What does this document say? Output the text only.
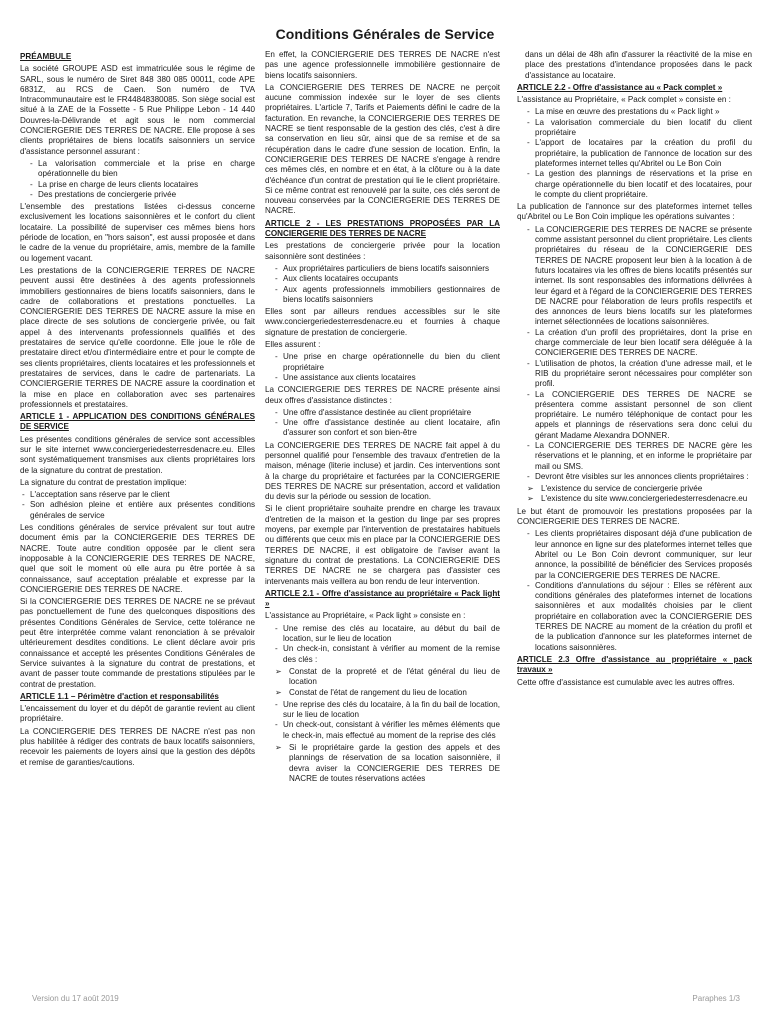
Conditions Générales de Service

PRÉAMBULE

La société GROUPE ASD est immatriculée sous le régime de SARL, sous le numéro de Siret 848 380 085 00011, code APE 6831Z, au RCS de Caen. Son numéro de TVA Intracommunautaire est le FR44848380085. Son siège social est situé à la ZAE de la Fossette - 5 Rue Philippe Lebon - 14 440 Douvres-la-Délivrande et agit sous le nom commercial CONCIERGERIE DES TERRES DE NACRE. Elle propose à ses clients propriétaires de biens locatifs saisonniers un service d'assistance personnel assurant :

- La valorisation commerciale et la prise en charge opérationnelle du bien
- La prise en charge de leurs clients locataires
- Des prestations de conciergerie privée

L'ensemble des prestations listées ci-dessus concerne exclusivement les locations saisonnières et le confort du client locataire. La possibilité de superviser ces mêmes biens hors période de location, en "hors saison", est aussi proposée et dans le cadre de la venue du propriétaire, amis, membre de la famille ou logement vacant.

Les prestations de la CONCIERGERIE TERRES DE NACRE peuvent aussi être destinées à des agents professionnels immobiliers gestionnaires de biens locatifs saisonniers, dans le cadre de collaborations et prestations ponctuelles. La CONCIERGERIE DES TERRES DE NACRE assure la mise en place directe de ses solutions de conciergerie privée, ou fait appel à des intervenants professionnels qualifiés et des prestataires de service qu'elle coordonne. Elle joue le rôle de prestataire direct et/ou d'intermédiaire entre et pour le compte de ses clients propriétaires, clients locataires et les professionnels et prestataires de services, dans le cadre de partenariats. La CONCIERGERIE TERRES DE NACRE assure la coordination et la mise en place en collaboration avec ses partenaires professionnels et prestataires.

ARTICLE 1 - APPLICATION DES CONDITIONS GÉNÉRALES DE SERVICE

Les présentes conditions générales de service sont accessibles sur le site internet www.conciergeriedesterresdenacre.eu. Elles sont systématiquement transmises aux clients propriétaires lors de la signature du contrat de prestation.

La signature du contrat de prestation implique:

- L'acceptation sans réserve par le client
- Son adhésion pleine et entière aux présentes conditions générales de service

Les conditions générales de service prévalent sur tout autre document émis par la CONCIERGERIE DES TERRES DE NACRE. Toute autre condition opposée par le client sera inopposable à la CONCIERGERIE DES TERRES DE NACRE, quel que soit le moment où elle aura pu être portée à sa connaissance, sauf acceptation préalable et expresse par la CONCIERGERIE DES TERRES DE NACRE.

Si la CONCIERGERIE DES TERRES DE NACRE ne se prévaut pas ponctuellement de l'une des quelconques dispositions des présentes Conditions Générales de Service, cette tolérance ne peut être interprétée comme valant renonciation à se prévaloir ultérieurement desdites conditions. Le client déclare avoir pris connaissance et accepté les présentes Conditions Générales de Service suivantes à la signature du contrat de prestations, et avant de passer toute commande de prestations stipulées par le contrat de prestation.

ARTICLE 1.1 – Périmètre d'action et responsabilités

L'encaissement du loyer et du dépôt de garantie revient au client propriétaire.

La CONCIERGERIE DES TERRES DE NACRE n'est pas non plus habilitée à rédiger des contrats de baux locatifs saisonniers, recevoir les paiements de loyers ainsi que la gestion des dépôts et remise de garanties/cautions.

En effet, la CONCIERGERIE DES TERRES DE NACRE n'est pas une agence professionnelle immobilière gestionnaire de biens locatifs saisonniers.

La CONCIERGERIE DES TERRES DE NACRE ne perçoit aucune commission indexée sur le loyer de ses clients propriétaires. L'article 7, Tarifs et Paiements défini le cadre de la facturation. En revanche, la CONCIERGERIE DES TERRES DE NACRE se tient responsable de la gestion des clés, c'est à dire sa conservation en lieu sûr, ainsi que de sa remise et de sa récupération dans le cadre d'une session de location. Enfin, la CONCIERGERIE DES TERRES DE NACRE s'engage à rendre ces mêmes clés, en nombre et en état, à la clôture ou à la date d'échéance d'un contrat de prestation qui lie le client propriétaire. Si ce même contrat est renouvelé par la suite, ces clés seront de nouveau conservées par la CONCIERGERIE DES TERRES DE NACRE.

ARTICLE 2 - LES PRESTATIONS PROPOSÉES PAR LA CONCIERGERIE DES TERRES DE NACRE

Les prestations de conciergerie privée pour la location saisonnière sont destinées :

- Aux propriétaires particuliers de biens locatifs saisonniers
- Aux clients locataires occupants
- Aux agents professionnels immobiliers gestionnaires de biens locatifs saisonniers

Elles sont par ailleurs rendues accessibles sur le site www.conciergeriedesterresdenacre.eu et fournies à chaque signature de prestation de conciergerie.

Elles assurent :

- Une prise en charge opérationnelle du bien du client propriétaire
- Une assistance aux clients locataires

La CONCIERGERIE DES TERRES DE NACRE présente ainsi deux offres d'assistance distinctes :

- Une offre d'assistance destinée au client propriétaire
- Une offre d'assistance destinée au client locataire, afin d'assurer son confort et son bien-être

La CONCIERGERIE DES TERRES DE NACRE fait appel à du personnel qualifié pour l'ensemble des travaux d'entretien de la maison, ménage (literie incluse) et jardin. Ces interventions sont à la charge du propriétaire et facturées par la CONCIERGERIE DES TERRES DE NACRE sur présentation, accord et validation du devis sur la période ou session de location.

Si le client propriétaire souhaite prendre en charge les travaux d'entretien de la maison et la gestion du linge par ses propres moyens, par exemple par l'intervention de prestataires habituels ou différents que ceux mis en place par la CONCIERGERIE DES TERRES DE NACRE, il est obligatoire de l'aviser avant la signature du contrat de prestations. La CONCIERGERIE DES TERRES DE NACRE ne se chargera pas d'assister ces intervenants mais veillera au bon rendu de leur intervention.

ARTICLE 2.1 - Offre d'assistance au propriétaire « Pack light »

L'assistance au Propriétaire, « Pack light » consiste en :

- Une remise des clés au locataire, au début du bail de location, sur le lieu de location
- Un check-in, consistant à vérifier au moment de la remise des clés :
➢ Constat de la propreté et de l'état général du lieu de location
➢ Constat de l'état de rangement du lieu de location
- Une reprise des clés du locataire, à la fin du bail de location, sur le lieu de location
- Un check-out, consistant à vérifier les mêmes éléments que le check-in, mais effectué au moment de la reprise des clés
➢ Si le propriétaire garde la gestion des appels et des plannings de réservation de sa location saisonnière, il devra aviser la CONCIERGERIE DES TERRES DE NACRE de toutes réservations actées

dans un délai de 48h afin d'assurer la réactivité de la mise en place des prestations d'intendance proposées dans le pack d'assistance au locataire.

ARTICLE 2.2 - Offre d'assistance au « Pack complet »

L'assistance au Propriétaire, « Pack complet » consiste en :

- La mise en œuvre des prestations du « Pack light »
- La valorisation commerciale du bien locatif du client propriétaire
- L'apport de locataires par la création du profil du propriétaire, la publication de l'annonce de location sur des plateformes internet telles qu'Abritel ou Le Bon Coin
- La gestion des plannings de réservations et la prise en charge opérationnelle du bien locatif et des locataires, pour le compte du client propriétaire.

La publication de l'annonce sur des plateformes internet telles qu'Abritel ou Le Bon Coin implique les opérations suivantes :

- La CONCIERGERIE DES TERRES DE NACRE se présente comme assistant personnel du client propriétaire. Les clients propriétaires du réseau de la CONCIERGERIE DES TERRES DE NACRE proposent leur bien à la location à de futurs locataires via les offres de biens locatifs présentés sur internet. Ils sont responsables des informations délivrées à leur égard et à l'égard de la CONCIERGERIE DES TERRES DE NACRE pour l'élaboration de leurs profils respectifs et des annonces de leurs biens locatifs sur les plateformes internet sélectionnées de locations saisonnières.
- La création d'un profil des propriétaires, dont la prise en charge commerciale de leur bien locatif sera déléguée à la CONCIERGERIE DES TERRES DE NACRE.
- L'utilisation de photos, la création d'une adresse mail, et le RIB du propriétaire seront nécessaires pour compléter son profil.
- La CONCIERGERIE DES TERRES DE NACRE se présentera comme assistant personnel de son client propriétaire. Le numéro téléphonique de contact pour les appels et plannings de réservations sera donc celui du gérant Madame Alexandra DONNER.
- La CONCIERGERIE DES TERRES DE NACRE gère les réservations et le planning, et en informe le propriétaire par mail ou SMS.
- Devront être visibles sur les annonces clients propriétaires :
➢ L'existence du service de conciergerie privée
➢ L'existence du site www.conciergeriedesterresdenacre.eu

Le but étant de promouvoir les prestations proposées par la CONCIERGERIE DES TERRES DE NACRE.

- Les clients propriétaires disposant déjà d'une publication de leur annonce en ligne sur des plateformes internet telles que Abritel ou Le Bon Coin devront communiquer, sur leur annonce, la possibilité de bénéficier des Services proposés par la CONCIERGERIE DES TERRES DE NACRE.
- Conditions d'annulations du séjour : Elles se réfèrent aux conditions générales des plateformes internet de locations saisonnières et aux modalités choisies par le client propriétaire en collaboration avec la CONCIERGERIE DES TERRES DE NACRE au moment de la création du profil et de la publication d'annonce sur les plateformes internet de locations saisonnières.

ARTICLE 2.3 Offre d'assistance au propriétaire « pack travaux »

Cette offre d'assistance est cumulable avec les autres offres.

Version du 17 août 2019	Paraphes 1/3
